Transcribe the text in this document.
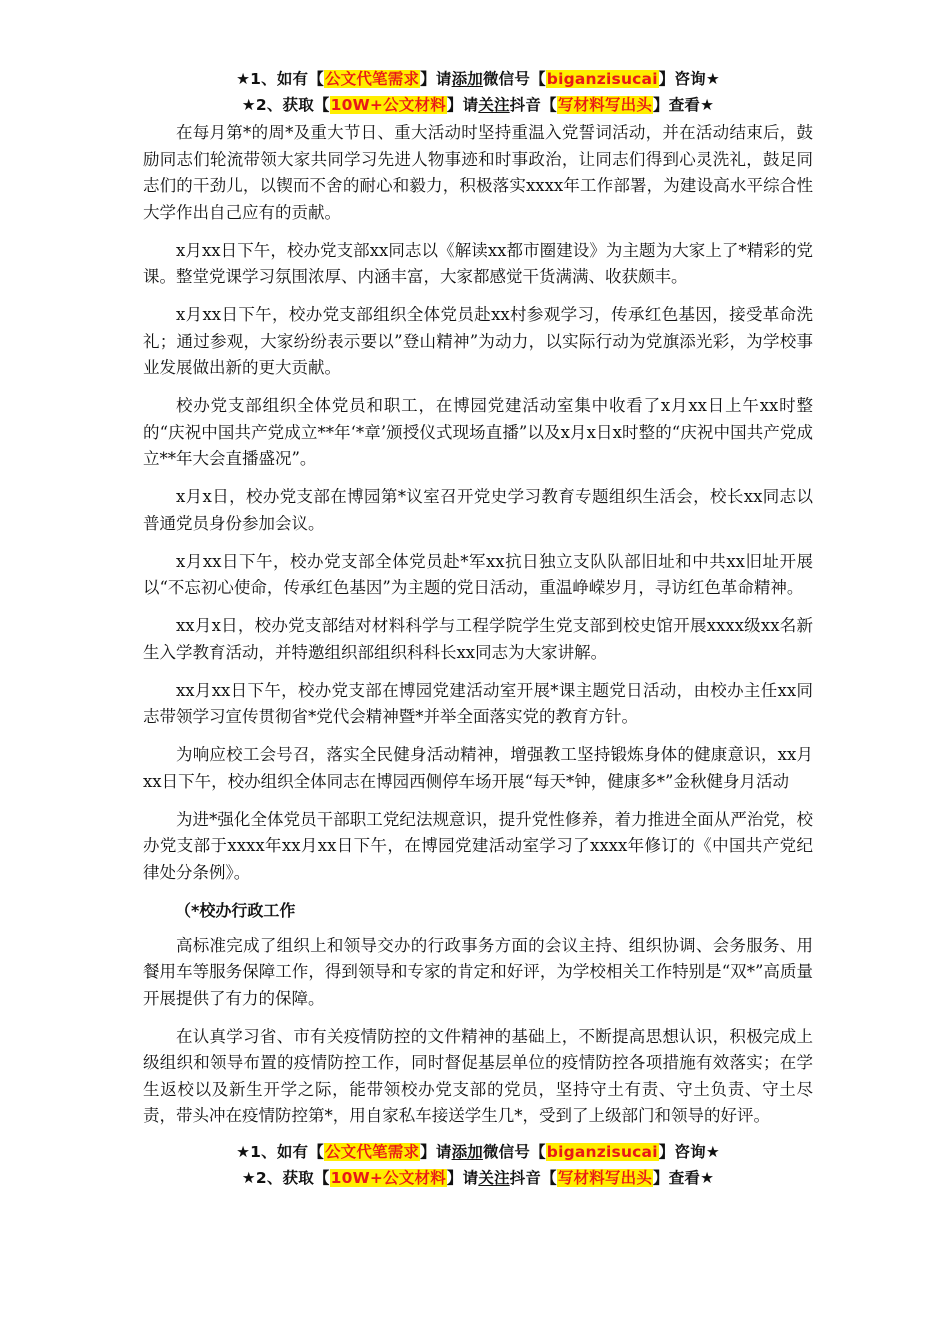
★1、如有【公文代笔需求】请添加微信号【biganzisucai】咨询★
★2、获取【10W+公文材料】请关注抖音【写材料写出头】查看★

在每月第*的周*及重大节日、重大活动时坚持重温入党誓词活动，并在活动结束后，鼓励同志们轮流带领大家共同学习先进人物事迹和时事政治，让同志们得到心灵洗礼，鼓足同志们的干劲儿，以锲而不舍的耐心和毅力，积极落实xxxx年工作部署，为建设高水平综合性大学作出自己应有的贡献。

x月xx日下午，校办党支部xx同志以《解读xx都市圈建设》为主题为大家上了*精彩的党课。整堂党课学习氛围浓厚、内涵丰富，大家都感觉干货满满、收获颇丰。

x月xx日下午，校办党支部组织全体党员赴xx村参观学习，传承红色基因，接受革命洗礼；通过参观，大家纷纷表示要以”登山精神”为动力，以实际行动为党旗添光彩，为学校事业发展做出新的更大贡献。

校办党支部组织全体党员和职工，在博园党建活动室集中收看了x月xx日上午xx时整的“庆祝中国共产党成立**年‘*章’颁授仪式现场直播”以及x月x日x时整的“庆祝中国共产党成立**年大会直播盛况”。

x月x日，校办党支部在博园第*议室召开党史学习教育专题组织生活会，校长xx同志以普通党员身份参加会议。

x月xx日下午，校办党支部全体党员赴*军xx抗日独立支队队部旧址和中共xx旧址开展以“不忘初心使命，传承红色基因”为主题的党日活动，重温峥嵘岁月，寻访红色革命精神。

xx月x日，校办党支部结对材料科学与工程学院学生党支部到校史馆开展xxxx级xx名新生入学教育活动，并特邀组织部组织科科长xx同志为大家讲解。

xx月xx日下午，校办党支部在博园党建活动室开展*课主题党日活动，由校办主任xx同志带领学习宣传贯彻省*党代会精神暨*并举全面落实党的教育方针。

为响应校工会号召，落实全民健身活动精神，增强教工坚持锻炼身体的健康意识，xx月xx日下午，校办组织全体同志在博园西侧停车场开展“每天*钟，健康多*”金秋健身月活动

为进*强化全体党员干部职工党纪法规意识，提升党性修养，着力推进全面从严治党，校办党支部于xxxx年xx月xx日下午，在博园党建活动室学习了xxxx年修订的《中国共产党纪律处分条例》。

（*校办行政工作

高标准完成了组织上和领导交办的行政事务方面的会议主持、组织协调、会务服务、用餐用车等服务保障工作，得到领导和专家的肯定和好评，为学校相关工作特别是“双*”高质量开展提供了有力的保障。

在认真学习省、市有关疫情防控的文件精神的基础上，不断提高思想认识，积极完成上级组织和领导布置的疫情防控工作，同时督促基层单位的疫情防控各项措施有效落实；在学生返校以及新生开学之际，能带领校办党支部的党员，坚持守土有责、守土负责、守土尽责，带头冲在疫情防控第*，用自家私车接送学生几*，受到了上级部门和领导的好评。

★1、如有【公文代笔需求】请添加微信号【biganzisucai】咨询★
★2、获取【10W+公文材料】请关注抖音【写材料写出头】查看★
